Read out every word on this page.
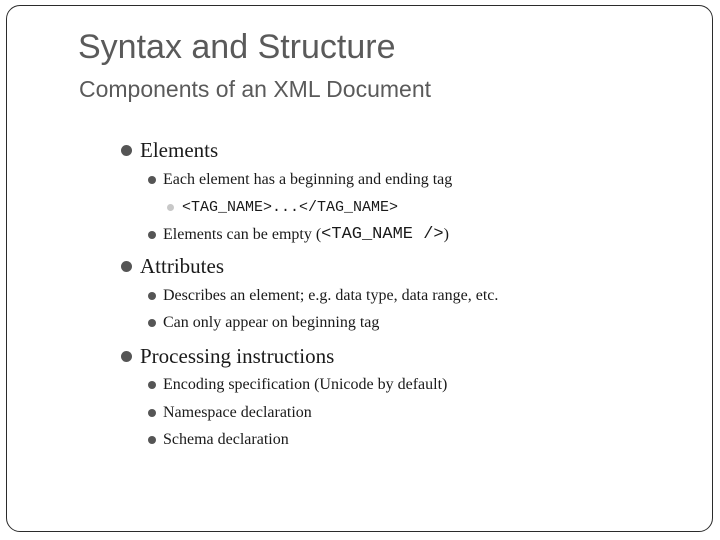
Syntax and Structure
Components of an XML Document
Elements
Each element has a beginning and ending tag
<TAG_NAME>...</TAG_NAME>
Elements can be empty ( <TAG_NAME /> )
Attributes
Describes an element; e.g. data type, data range, etc.
Can only appear on beginning tag
Processing instructions
Encoding specification (Unicode by default)
Namespace declaration
Schema declaration
